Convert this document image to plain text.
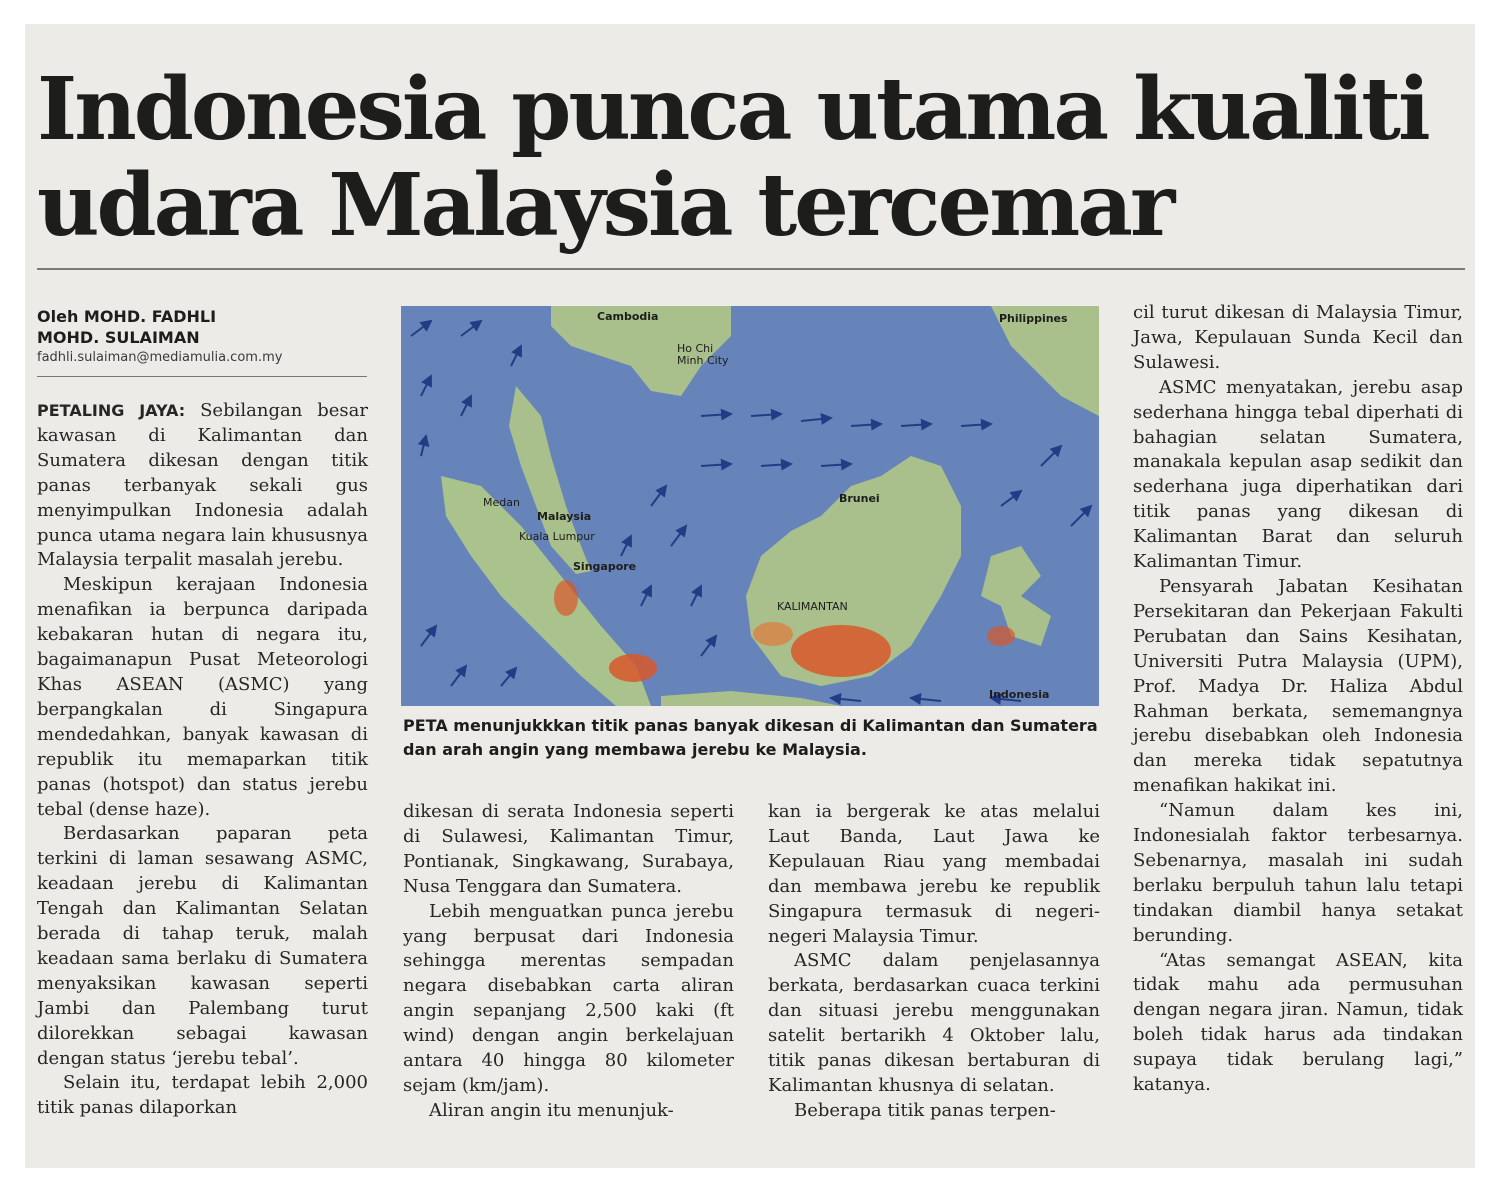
Indonesia punca utama kualiti
udara Malaysia tercemar
Oleh MOHD. FADHLI
MOHD. SULAIMAN
fadhli.sulaiman@mediamulia.com.my

PETALING JAYA: Sebilangan besar kawasan di Kalimantan dan Sumatera dikesan dengan titik panas terbanyak sekali gus menyimpulkan Indonesia adalah punca utama negara lain khususnya Malaysia terpalit masalah jerebu.

Meskipun kerajaan Indonesia menafikan ia berpunca daripada kebakaran hutan di negara itu, bagaimanapun Pusat Meteorologi Khas ASEAN (ASMC) yang berpangkalan di Singapura mendedahkan, banyak kawasan di republik itu memaparkan titik panas (hotspot) dan status jerebu tebal (dense haze).

Berdasarkan paparan peta terkini di laman sesawang ASMC, keadaan jerebu di Kalimantan Tengah dan Kalimantan Selatan berada di tahap teruk, malah keadaan sama berlaku di Sumatera menyaksikan kawasan seperti Jambi dan Palembang turut dilorekkan sebagai kawasan dengan status ‘jerebu tebal’.

Selain itu, terdapat lebih 2,000 titik panas dilaporkan

Cambodia	Philippines
Ho Chi
Minh City
Medan
Malaysia
Kuala Lumpur
Singapore
Brunei
KALIMANTAN
Indonesia
PETA menunjukkkan titik panas banyak dikesan di Kalimantan dan Sumatera dan arah angin yang membawa jerebu ke Malaysia.

dikesan di serata Indonesia seperti di Sulawesi, Kalimantan Timur, Pontianak, Singkawang, Surabaya, Nusa Tenggara dan Sumatera.

Lebih menguatkan punca jerebu yang berpusat dari Indonesia sehingga merentas sempadan negara disebabkan carta aliran angin sepanjang 2,500 kaki (ft wind) dengan angin berkelajuan antara 40 hingga 80 kilometer sejam (km/jam).

Aliran angin itu menunjuk-

kan ia bergerak ke atas melalui Laut Banda, Laut Jawa ke Kepulauan Riau yang membadai dan membawa jerebu ke republik Singapura termasuk di negeri-negeri Malaysia Timur.

ASMC dalam penjelasannya berkata, berdasarkan cuaca terkini dan situasi jerebu menggunakan satelit bertarikh 4 Oktober lalu, titik panas dikesan bertaburan di Kalimantan khusnya di selatan.

Beberapa titik panas terpen-

cil turut dikesan di Malaysia Timur, Jawa, Kepulauan Sunda Kecil dan Sulawesi.

ASMC menyatakan, jerebu asap sederhana hingga tebal diperhati di bahagian selatan Sumatera, manakala kepulan asap sedikit dan sederhana juga diperhatikan dari titik panas yang dikesan di Kalimantan Barat dan seluruh Kalimantan Timur.

Pensyarah Jabatan Kesihatan Persekitaran dan Pekerjaan Fakulti Perubatan dan Sains Kesihatan, Universiti Putra Malaysia (UPM), Prof. Madya Dr. Haliza Abdul Rahman berkata, sememangnya jerebu disebabkan oleh Indonesia dan mereka tidak sepatutnya menafikan hakikat ini.

“Namun dalam kes ini, Indonesialah faktor terbesarnya. Sebenarnya, masalah ini sudah berlaku berpuluh tahun lalu tetapi tindakan diambil hanya setakat berunding.

“Atas semangat ASEAN, kita tidak mahu ada permusuhan dengan negara jiran. Namun, tidak boleh tidak harus ada tindakan supaya tidak berulang lagi,” katanya.
